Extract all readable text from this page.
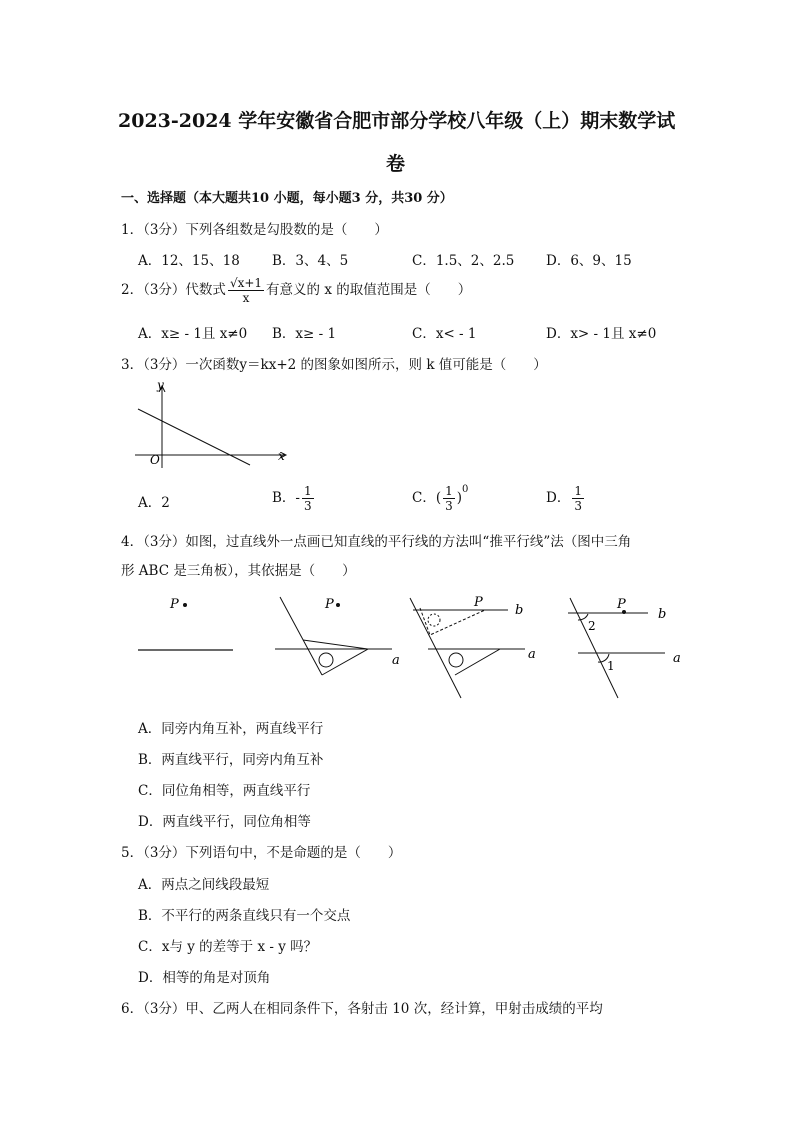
2023-2024 学年安徽省合肥市部分学校八年级（上）期末数学试
卷
一、选择题（本大题共10 小题，每小题3 分，共30 分）
1．（3分）下列各组数是勾股数的是（　　）
A．12、15、18 B．3、4、5	C．1.5、2、2.5 D．6、9、15
2．（3分）代数式 $\frac{√x+1}{x}$ 有意义的 x 的取值范围是（　　）
A．x≥ - 1且 x≠0 B．x≥ - 1	C．x< - 1	D．x> - 1且 x≠0
3．（3分）一次函数y＝kx+2 的图象如图所示，则 k 值可能是（　　）
y
x
O
A．2	B．- $\frac{1}{3}$	C．( $\frac{1}{3} )^0$
D． $\frac{1}{3}$
4．（3分）如图，过直线外一点画已知直线的平行线的方法叫“推平行线”法（图中三角
形 ABC 是三角板），其依据是（　　）
P	P
a
P
b
a
P
b
a
2
1
A．同旁内角互补，两直线平行
B．两直线平行，同旁内角互补
C．同位角相等，两直线平行
D．两直线平行，同位角相等
5．（3分）下列语句中，不是命题的是（　　）
A．两点之间线段最短
B．不平行的两条直线只有一个交点
C．x与 y 的差等于 x - y 吗？
D．相等的角是对顶角
6．（3分）甲、乙两人在相同条件下，各射击 10 次，经计算，甲射击成绩的平均
